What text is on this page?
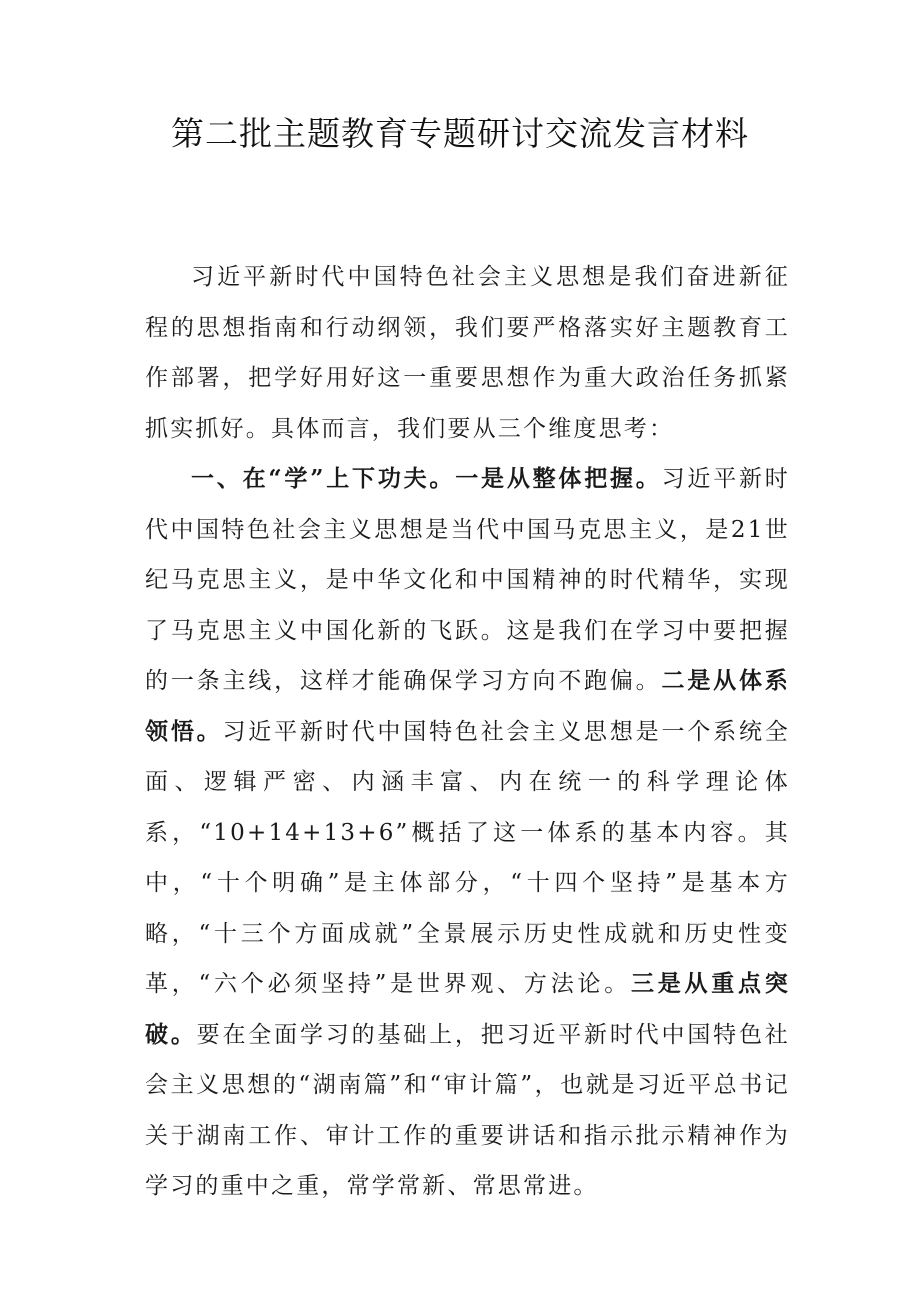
第二批主题教育专题研讨交流发言材料

习近平新时代中国特色社会主义思想是我们奋进新征程的思想指南和行动纲领，我们要严格落实好主题教育工作部署，把学好用好这一重要思想作为重大政治任务抓紧抓实抓好。具体而言，我们要从三个维度思考：

一、在“学”上下功夫。一是从整体把握。习近平新时代中国特色社会主义思想是当代中国马克思主义，是21世纪马克思主义，是中华文化和中国精神的时代精华，实现了马克思主义中国化新的飞跃。这是我们在学习中要把握的一条主线，这样才能确保学习方向不跑偏。二是从体系领悟。习近平新时代中国特色社会主义思想是一个系统全面、逻辑严密、内涵丰富、内在统一的科学理论体系，“10+14+13+6”概括了这一体系的基本内容。其中，“十个明确”是主体部分，“十四个坚持”是基本方略，“十三个方面成就”全景展示历史性成就和历史性变革，“六个必须坚持”是世界观、方法论。三是从重点突破。要在全面学习的基础上，把习近平新时代中国特色社会主义思想的“湖南篇”和“审计篇”，也就是习近平总书记关于湖南工作、审计工作的重要讲话和指示批示精神作为学习的重中之重，常学常新、常思常进。
